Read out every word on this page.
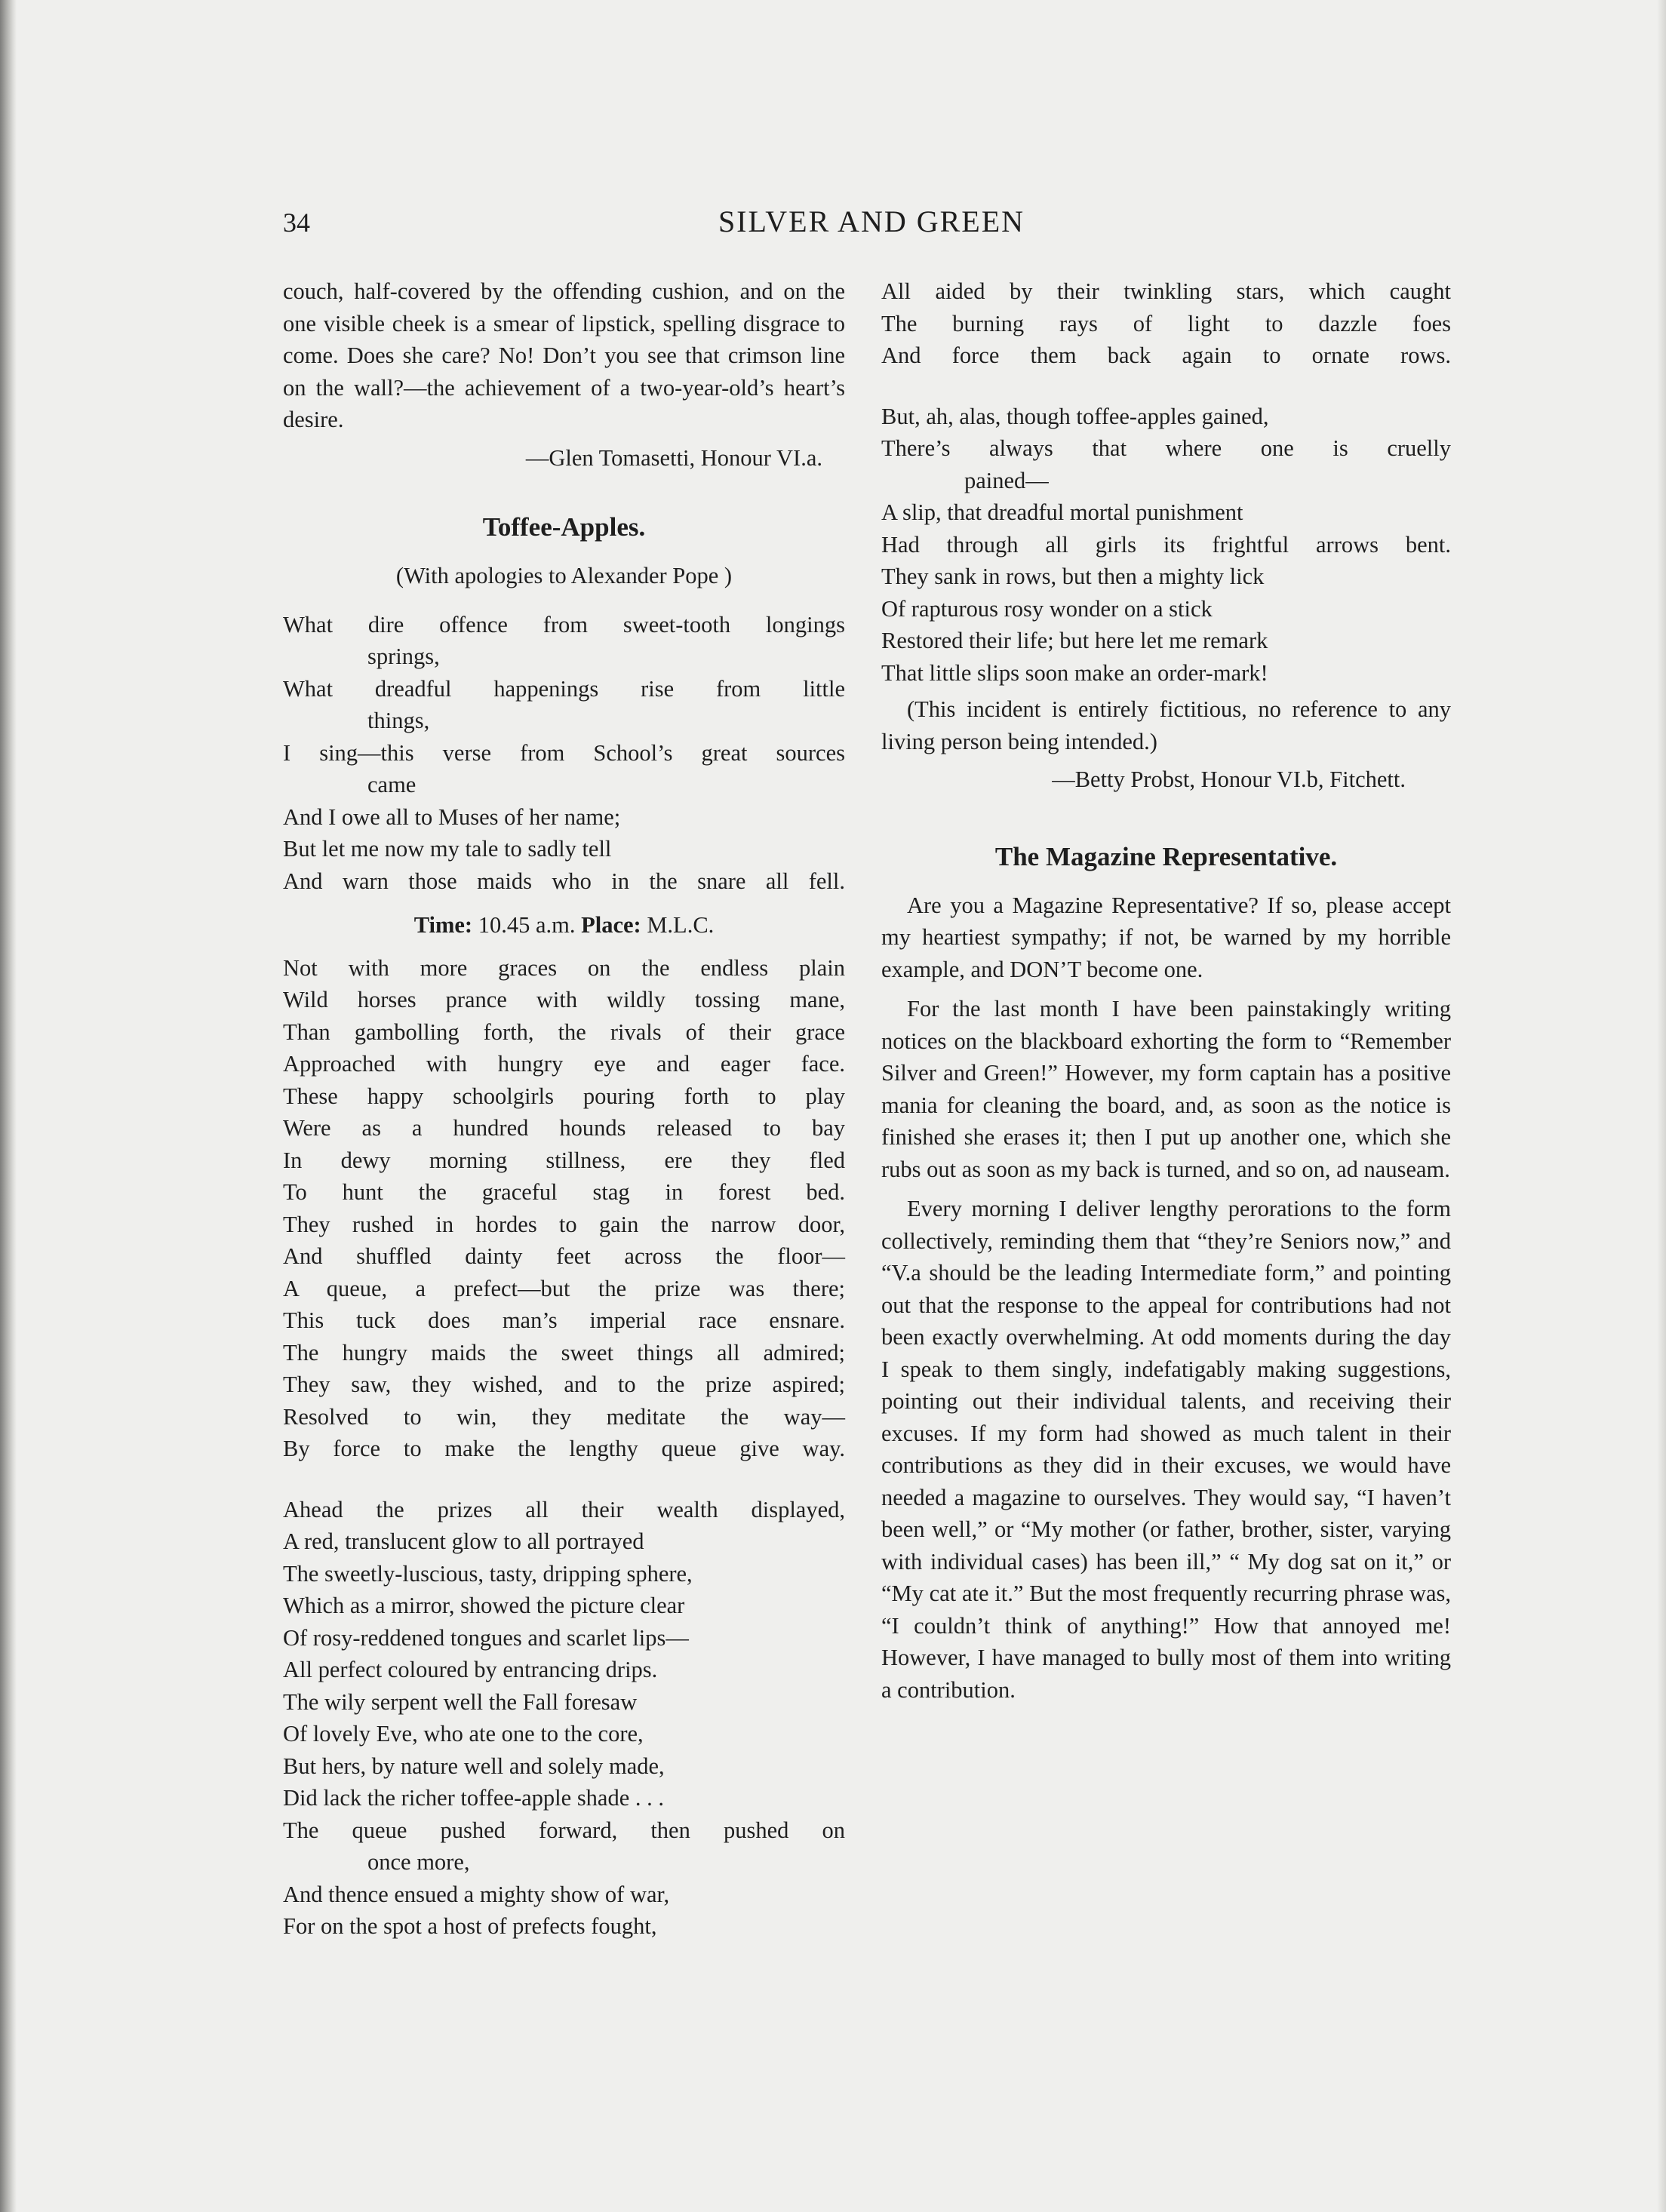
34	SILVER AND GREEN

couch, half-covered by the offending cushion, and on the one visible cheek is a smear of lipstick, spelling disgrace to come. Does she care? No! Don’t you see that crimson line on the wall?—the achievement of a two-year-old’s heart’s desire.

—Glen Tomasetti, Honour VI.a.

Toffee-Apples.

(With apologies to Alexander Pope )

What dire offence from sweet-tooth longings
springs,
What dreadful happenings rise from little
things,
I sing—this verse from School’s great sources
came
And I owe all to Muses of her name;
But let me now my tale to sadly tell
And warn those maids who in the snare all fell.

Time: 10.45 a.m. Place: M.L.C.

Not with more graces on the endless plain
Wild horses prance with wildly tossing mane,
Than gambolling forth, the rivals of their grace
Approached with hungry eye and eager face.
These happy schoolgirls pouring forth to play
Were as a hundred hounds released to bay
In dewy morning stillness, ere they fled
To hunt the graceful stag in forest bed.
They rushed in hordes to gain the narrow door,
And shuffled dainty feet across the floor—
A queue, a prefect—but the prize was there;
This tuck does man’s imperial race ensnare.
The hungry maids the sweet things all admired;
They saw, they wished, and to the prize aspired;
Resolved to win, they meditate the way—
By force to make the lengthy queue give way.
Ahead the prizes all their wealth displayed,
A red, translucent glow to all portrayed
The sweetly-luscious, tasty, dripping sphere,
Which as a mirror, showed the picture clear
Of rosy-reddened tongues and scarlet lips—
All perfect coloured by entrancing drips.
The wily serpent well the Fall foresaw
Of lovely Eve, who ate one to the core,
But hers, by nature well and solely made,
Did lack the richer toffee-apple shade . . .
The queue pushed forward, then pushed on
once more,
And thence ensued a mighty show of war,
For on the spot a host of prefects fought,
All aided by their twinkling stars, which caught
The burning rays of light to dazzle foes
And force them back again to ornate rows.
But, ah, alas, though toffee-apples gained,
There’s always that where one is cruelly
pained—
A slip, that dreadful mortal punishment
Had through all girls its frightful arrows bent.
They sank in rows, but then a mighty lick
Of rapturous rosy wonder on a stick
Restored their life; but here let me remark
That little slips soon make an order-mark!

(This incident is entirely fictitious, no reference to any living person being intended.)

—Betty Probst, Honour VI.b, Fitchett.

The Magazine Representative.

Are you a Magazine Representative? If so, please accept my heartiest sympathy; if not, be warned by my horrible example, and DON’T become one.

For the last month I have been painstakingly writing notices on the blackboard exhorting the form to “Remember Silver and Green!” However, my form captain has a positive mania for cleaning the board, and, as soon as the notice is finished she erases it; then I put up another one, which she rubs out as soon as my back is turned, and so on, ad nauseam.

Every morning I deliver lengthy perorations to the form collectively, reminding them that “they’re Seniors now,” and “V.a should be the leading Intermediate form,” and pointing out that the response to the appeal for contributions had not been exactly overwhelming. At odd moments during the day I speak to them singly, indefatigably making suggestions, pointing out their individual talents, and receiving their excuses. If my form had showed as much talent in their contributions as they did in their excuses, we would have needed a magazine to ourselves. They would say, “I haven’t been well,” or “My mother (or father, brother, sister, varying with individual cases) has been ill,” “ My dog sat on it,” or “My cat ate it.” But the most frequently recurring phrase was, “I couldn’t think of anything!” How that annoyed me! However, I have managed to bully most of them into writing a contribution.
